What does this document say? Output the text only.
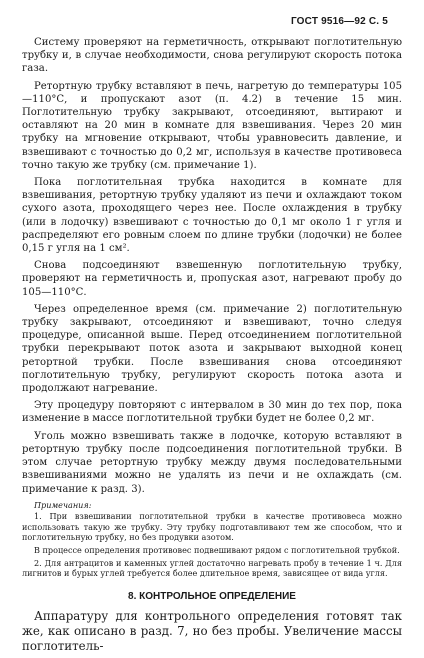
ГОСТ 9516—92 С. 5

Систему проверяют на герметичность, открывают поглотительную трубку и, в случае необходимости, снова регулируют скорость потока газа.

Ретортную трубку вставляют в печь, нагретую до температуры 105—110°С, и пропускают азот (п. 4.2) в течение 15 мин. Поглотительную трубку закрывают, отсоединяют, вытирают и оставляют на 20 мин в комнате для взвешивания. Через 20 мин трубку на мгновение открывают, чтобы уравновесить давление, и взвешивают с точностью до 0,2 мг, используя в качестве противовеса точно такую же трубку (см. примечание 1).

Пока поглотительная трубка находится в комнате для взвешивания, ретортную трубку удаляют из печи и охлаждают током сухого азота, проходящего через нее. После охлаждения в трубку (или в лодочку) взвешивают с точностью до 0,1 мг около 1 г угля и распределяют его ровным слоем по длине трубки (лодочки) не более 0,15 г угля на 1 см².

Снова подсоединяют взвешенную поглотительную трубку, проверяют на герметичность и, пропуская азот, нагревают пробу до 105—110°С.

Через определенное время (см. примечание 2) поглотительную трубку закрывают, отсоединяют и взвешивают, точно следуя процедуре, описанной выше. Перед отсоединением поглотительной трубки перекрывают поток азота и закрывают выходной конец ретортной трубки. После взвешивания снова отсоединяют поглотительную трубку, регулируют скорость потока азота и продолжают нагревание.

Эту процедуру повторяют с интервалом в 30 мин до тех пор, пока изменение в массе поглотительной трубки будет не более 0,2 мг.

Уголь можно взвешивать также в лодочке, которую вставляют в ретортную трубку после подсоединения поглотительной трубки. В этом случае ретортную трубку между двумя последовательными взвешиваниями можно не удалять из печи и не охлаждать (см. примечание к разд. 3).

Примечания:

1. При взвешивании поглотительной трубки в качестве противовеса можно использовать такую же трубку. Эту трубку подготавливают тем же способом, что и поглотительную трубку, но без продувки азотом.

В процессе определения противовес подвешивают рядом с поглотительной трубкой.

2. Для антрацитов и каменных углей достаточно нагревать пробу в течение 1 ч. Для лигнитов и бурых углей требуется более длительное время, зависящее от вида угля.

8. КОНТРОЛЬНОЕ ОПРЕДЕЛЕНИЕ

Аппаратуру для контрольного определения готовят так же, как описано в разд. 7, но без пробы. Увеличение массы поглотитель-
